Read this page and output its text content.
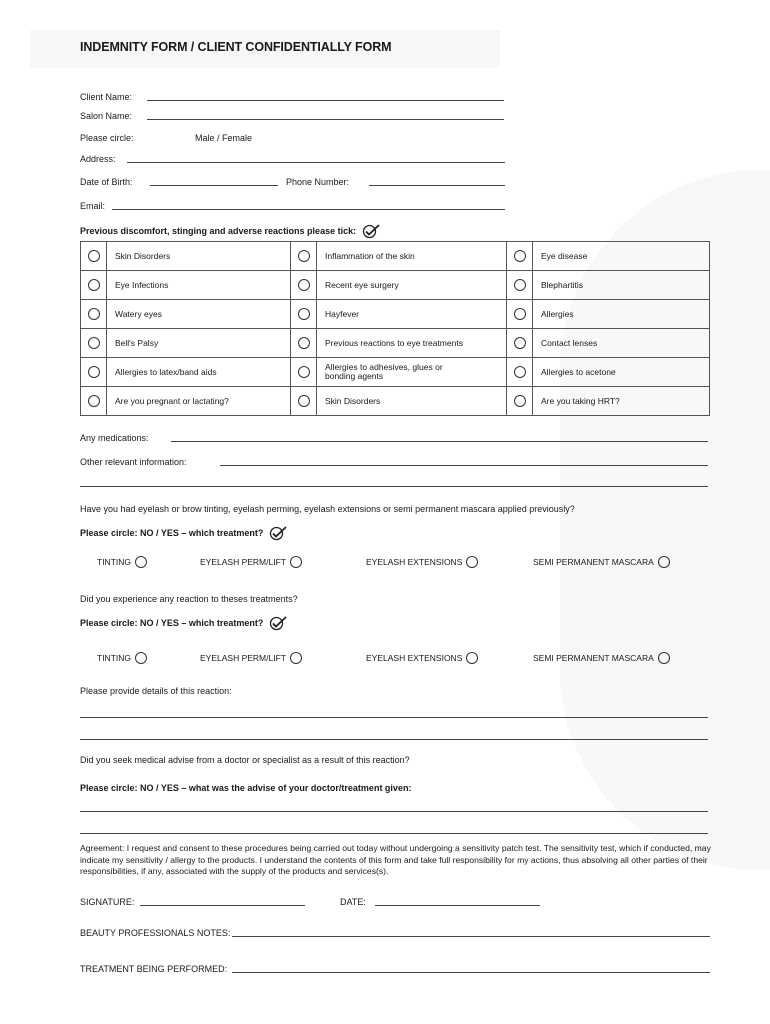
INDEMNITY FORM / CLIENT CONFIDENTIALLY FORM
Client Name:
Salon Name:
Please circle:	Male / Female
Address:
Date of Birth:	Phone Number:
Email:
Previous discomfort, stinging and adverse reactions please tick:
	Skin Disorders		Inflammation of the skin		Eye disease
	Eye Infections		Recent eye surgery		Blephartitis
	Watery eyes		Hayfever		Allergies
	Bell's Palsy		Previous reactions to eye treatments		Contact lenses
	Allergies to latex/band aids		Allergies to adhesives, glues or bonding agents		Allergies to acetone
	Are you pregnant or lactating?		Skin Disorders		Are you taking HRT?
Any medications:
Other relevant information:
Have you had eyelash or brow tinting, eyelash perming, eyelash extensions or semi permanent mascara applied previously?
Please circle: NO / YES – which treatment?
TINTING	EYELASH PERM/LIFT	EYELASH EXTENSIONS	SEMI PERMANENT MASCARA
Did you experience any reaction to theses treatments?
Please circle: NO / YES – which treatment?
TINTING	EYELASH PERM/LIFT	EYELASH EXTENSIONS	SEMI PERMANENT MASCARA
Please provide details of this reaction:
Did you seek medical advise from a doctor or specialist as a result of this reaction?
Please circle: NO / YES – what was the advise of your doctor/treatment given:
Agreement: I request and consent to these procedures being carried out today without undergoing a sensitivity patch test. The sensitivity test, which if conducted, may indicate my sensitivity / allergy to the products. I understand the contents of this form and take full responsibility for my actions, thus absolving all other parties of their responsibilities, if any, associated with the supply of the products and services(s).
SIGNATURE:	DATE:
BEAUTY PROFESSIONALS NOTES:
TREATMENT BEING PERFORMED:
